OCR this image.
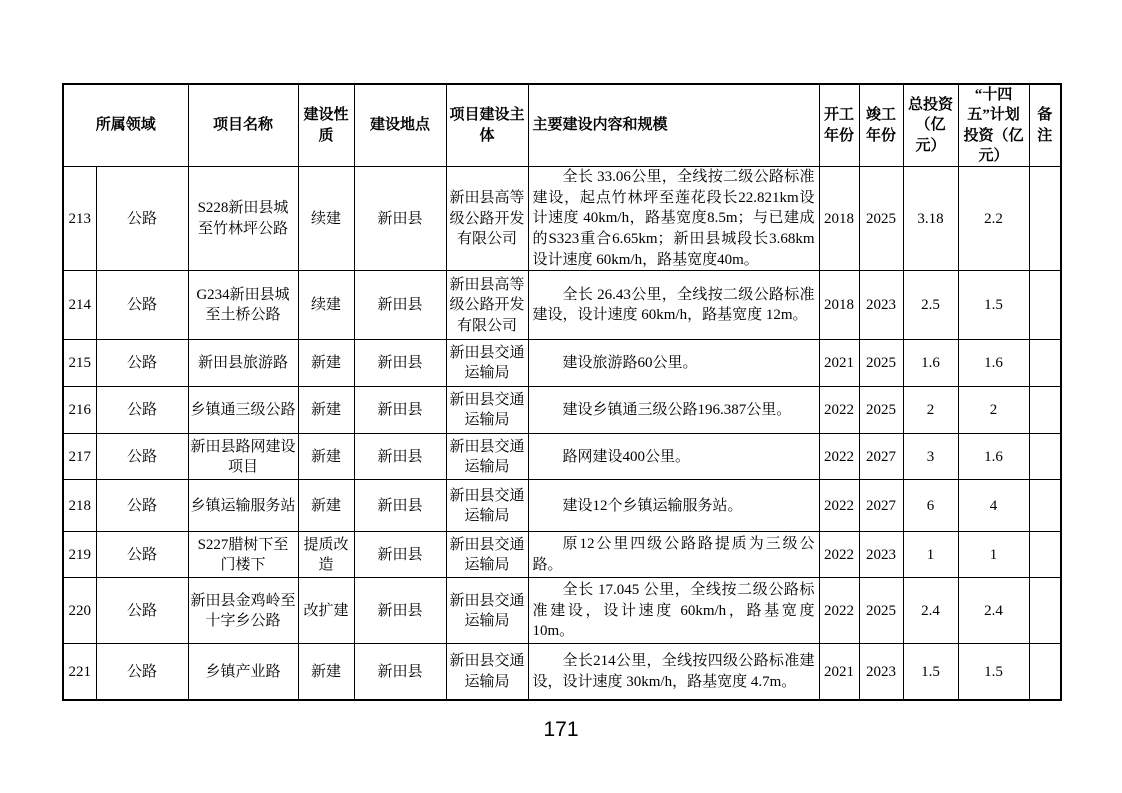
所属领域		项目名称	建设性质	建设地点	项目建设主体	主要建设内容和规模	开工年份	竣工年份	总投资（亿元）	“十四五”计划投资（亿元）	备注
213	公路	S228新田县城至竹林坪公路	续建	新田县	新田县高等级公路开发有限公司	全长 33.06公里，全线按二级公路标准建设，起点竹林坪至莲花段长22.821km设计速度 40km/h，路基宽度8.5m；与已建成的S323重合6.65km；新田县城段长3.68km设计速度 60km/h，路基宽度40m。	2018	2025	3.18	2.2	
214	公路	G234新田县城至土桥公路	续建	新田县	新田县高等级公路开发有限公司	全长 26.43公里，全线按二级公路标准建设，设计速度 60km/h，路基宽度 12m。	2018	2023	2.5	1.5	
215	公路	新田县旅游路	新建	新田县	新田县交通运输局	建设旅游路60公里。	2021	2025	1.6	1.6	
216	公路	乡镇通三级公路	新建	新田县	新田县交通运输局	建设乡镇通三级公路196.387公里。	2022	2025	2	2	
217	公路	新田县路网建设项目	新建	新田县	新田县交通运输局	路网建设400公里。	2022	2027	3	1.6	
218	公路	乡镇运输服务站	新建	新田县	新田县交通运输局	建设12个乡镇运输服务站。	2022	2027	6	4	
219	公路	S227腊树下至门楼下	提质改造	新田县	新田县交通运输局	原12公里四级公路路提质为三级公路。	2022	2023	1	1	
220	公路	新田县金鸡岭至十字乡公路	改扩建	新田县	新田县交通运输局	全长 17.045 公里，全线按二级公路标准建设，设计速度 60km/h，路基宽度10m。	2022	2025	2.4	2.4	
221	公路	乡镇产业路	新建	新田县	新田县交通运输局	全长214公里，全线按四级公路标准建设，设计速度 30km/h，路基宽度 4.7m。	2021	2023	1.5	1.5	
171
